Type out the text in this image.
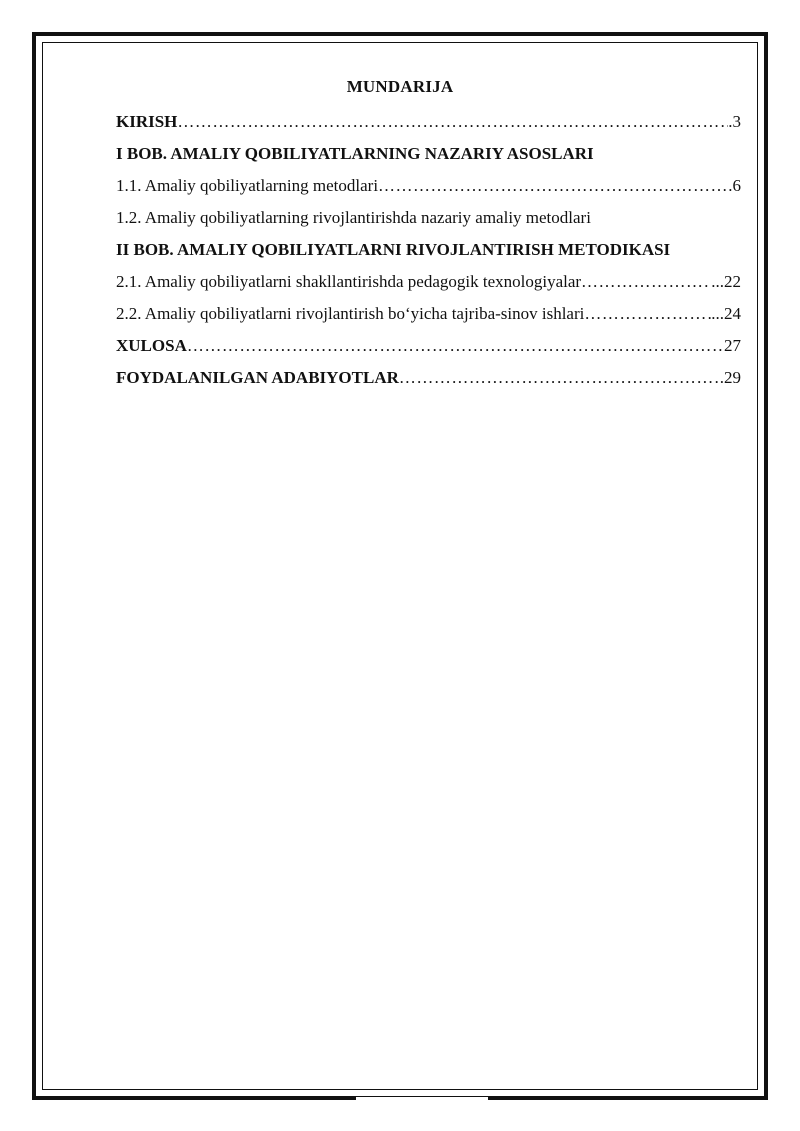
MUNDARIJA
KIRISH ……………………………………………………………………………………………………………………………………………………	.3
I BOB. AMALIY QOBILIYATLARNING NAZARIY ASOSLARI
1.1. Amaliy qobiliyatlarning metodlari ……………………………………………………………………………………………………………………………………………………	.6
1.2. Amaliy qobiliyatlarning rivojlantirishda nazariy amaliy metodlari
II BOB. AMALIY QOBILIYATLARNI RIVOJLANTIRISH METODIKASI
2.1. Amaliy qobiliyatlarni shakllantirishda pedagogik texnologiyalar ……………………………………………………………………………………………………………………………………………………	...22
2.2. Amaliy qobiliyatlarni rivojlantirish bo‘yicha tajriba-sinov ishlari ……………………………………………………………………………………………………………………………………………………	...24
XULOSA ……………………………………………………………………………………………………………………………………………………	27
FOYDALANILGAN ADABIYOTLAR ……………………………………………………………………………………………………………………………………………………	.29
